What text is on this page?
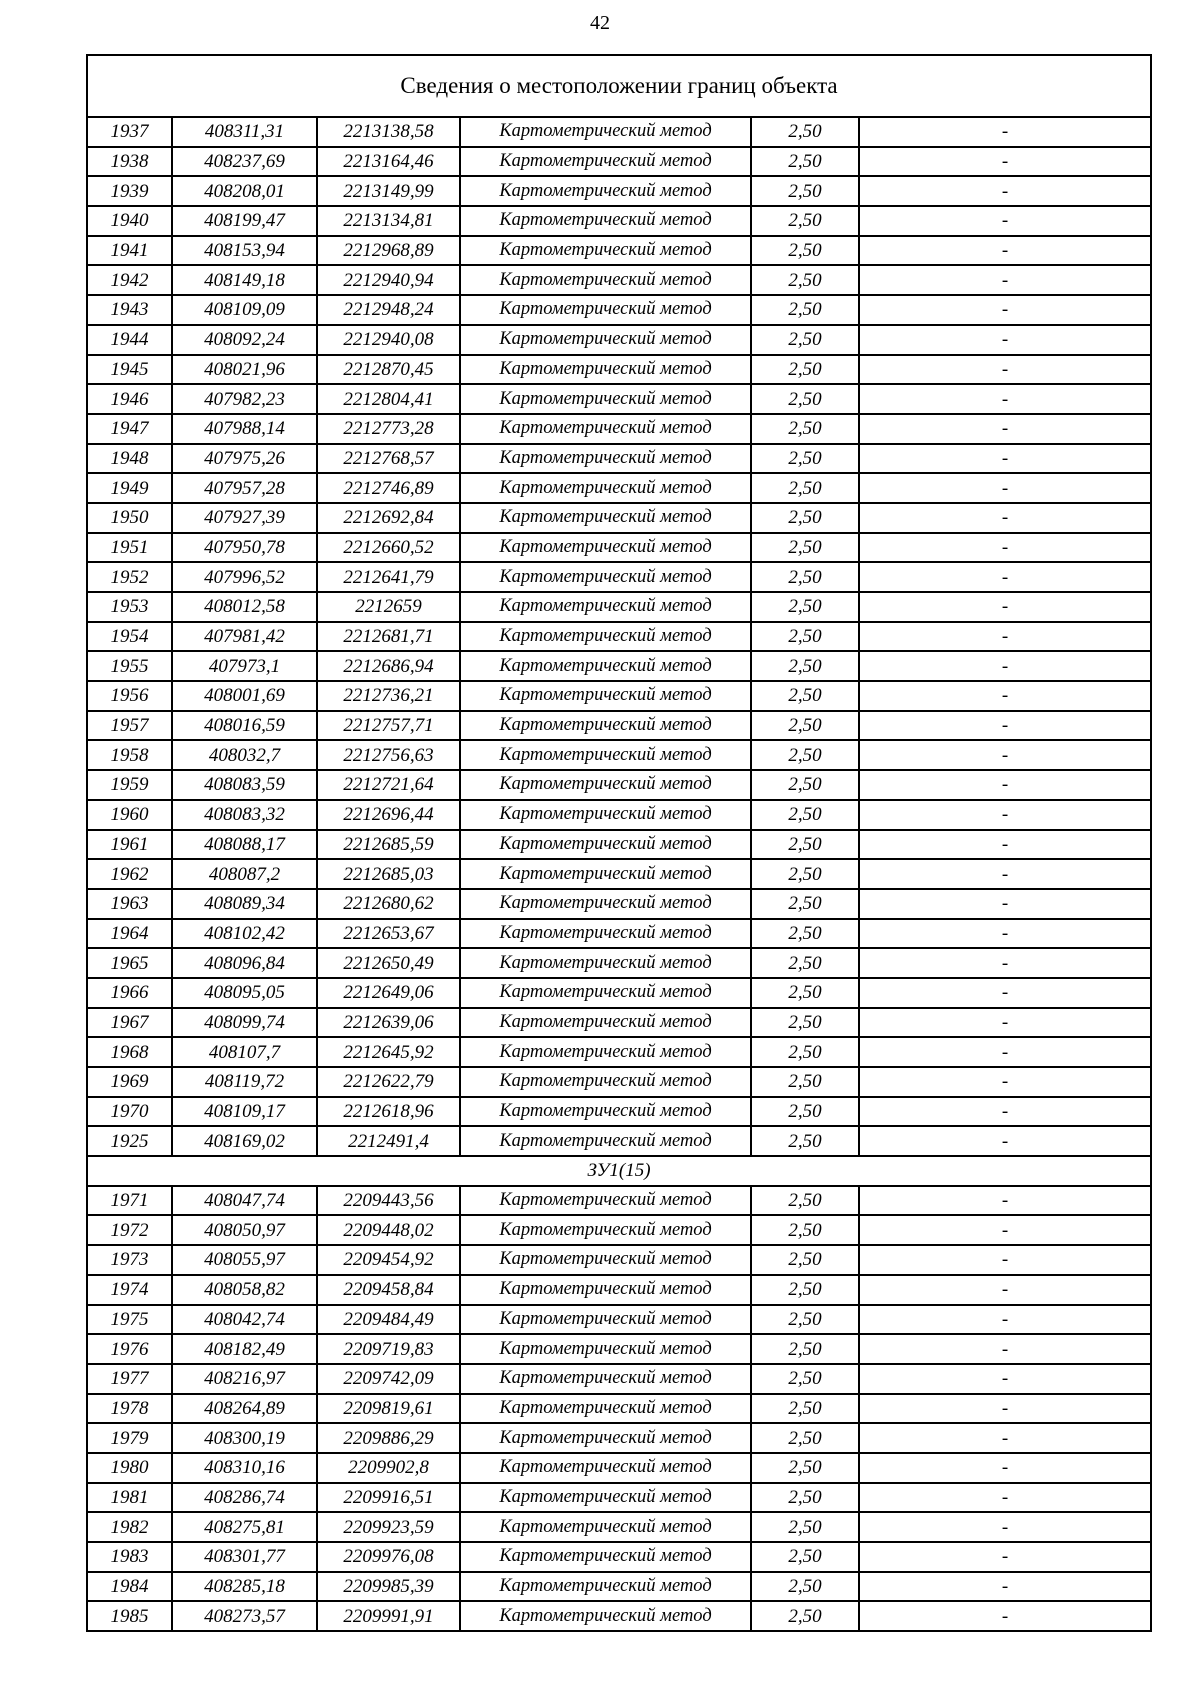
42
Сведения о местоположении границ объекта					
1937	408311,31	2213138,58	Картометрический метод	2,50	-
1938	408237,69	2213164,46	Картометрический метод	2,50	-
1939	408208,01	2213149,99	Картометрический метод	2,50	-
1940	408199,47	2213134,81	Картометрический метод	2,50	-
1941	408153,94	2212968,89	Картометрический метод	2,50	-
1942	408149,18	2212940,94	Картометрический метод	2,50	-
1943	408109,09	2212948,24	Картометрический метод	2,50	-
1944	408092,24	2212940,08	Картометрический метод	2,50	-
1945	408021,96	2212870,45	Картометрический метод	2,50	-
1946	407982,23	2212804,41	Картометрический метод	2,50	-
1947	407988,14	2212773,28	Картометрический метод	2,50	-
1948	407975,26	2212768,57	Картометрический метод	2,50	-
1949	407957,28	2212746,89	Картометрический метод	2,50	-
1950	407927,39	2212692,84	Картометрический метод	2,50	-
1951	407950,78	2212660,52	Картометрический метод	2,50	-
1952	407996,52	2212641,79	Картометрический метод	2,50	-
1953	408012,58	2212659	Картометрический метод	2,50	-
1954	407981,42	2212681,71	Картометрический метод	2,50	-
1955	407973,1	2212686,94	Картометрический метод	2,50	-
1956	408001,69	2212736,21	Картометрический метод	2,50	-
1957	408016,59	2212757,71	Картометрический метод	2,50	-
1958	408032,7	2212756,63	Картометрический метод	2,50	-
1959	408083,59	2212721,64	Картометрический метод	2,50	-
1960	408083,32	2212696,44	Картометрический метод	2,50	-
1961	408088,17	2212685,59	Картометрический метод	2,50	-
1962	408087,2	2212685,03	Картометрический метод	2,50	-
1963	408089,34	2212680,62	Картометрический метод	2,50	-
1964	408102,42	2212653,67	Картометрический метод	2,50	-
1965	408096,84	2212650,49	Картометрический метод	2,50	-
1966	408095,05	2212649,06	Картометрический метод	2,50	-
1967	408099,74	2212639,06	Картометрический метод	2,50	-
1968	408107,7	2212645,92	Картометрический метод	2,50	-
1969	408119,72	2212622,79	Картометрический метод	2,50	-
1970	408109,17	2212618,96	Картометрический метод	2,50	-
1925	408169,02	2212491,4	Картометрический метод	2,50	-
ЗУ1(15)					
1971	408047,74	2209443,56	Картометрический метод	2,50	-
1972	408050,97	2209448,02	Картометрический метод	2,50	-
1973	408055,97	2209454,92	Картометрический метод	2,50	-
1974	408058,82	2209458,84	Картометрический метод	2,50	-
1975	408042,74	2209484,49	Картометрический метод	2,50	-
1976	408182,49	2209719,83	Картометрический метод	2,50	-
1977	408216,97	2209742,09	Картометрический метод	2,50	-
1978	408264,89	2209819,61	Картометрический метод	2,50	-
1979	408300,19	2209886,29	Картометрический метод	2,50	-
1980	408310,16	2209902,8	Картометрический метод	2,50	-
1981	408286,74	2209916,51	Картометрический метод	2,50	-
1982	408275,81	2209923,59	Картометрический метод	2,50	-
1983	408301,77	2209976,08	Картометрический метод	2,50	-
1984	408285,18	2209985,39	Картометрический метод	2,50	-
1985	408273,57	2209991,91	Картометрический метод	2,50	-
